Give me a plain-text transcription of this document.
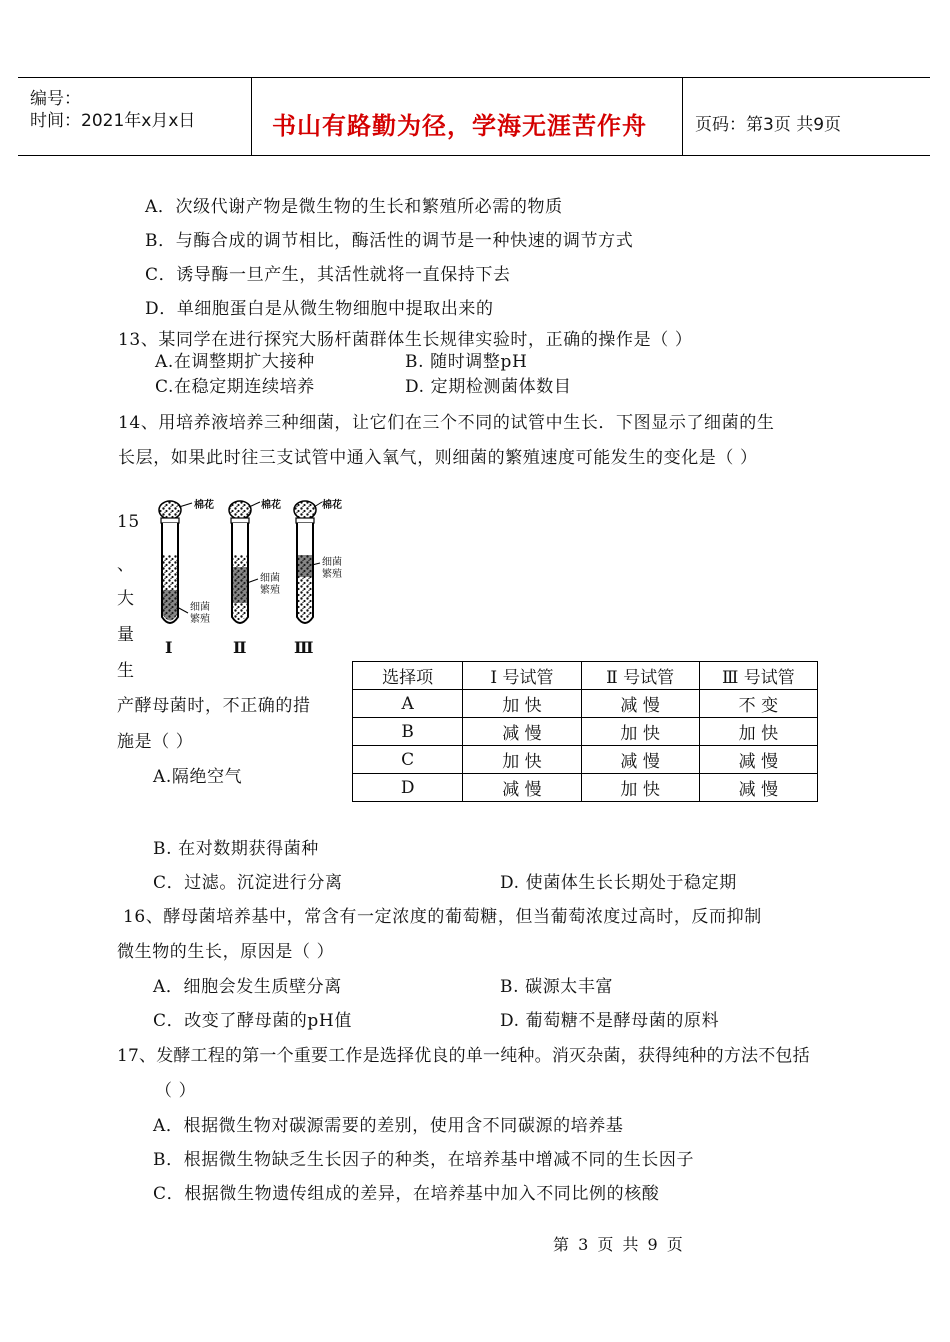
编号：
时间：2021年x月x日	书山有路勤为径，学海无涯苦作舟	页码：第3页 共9页
A．次级代谢产物是微生物的生长和繁殖所必需的物质
B．与酶合成的调节相比，酶活性的调节是一种快速的调节方式
C．诱导酶一旦产生，其活性就将一直保持下去
D．单细胞蛋白是从微生物细胞中提取出来的
13、某同学在进行探究大肠杆菌群体生长规律实验时，正确的操作是（ ）
A.在调整期扩大接种	B. 随时调整pH
C.在稳定期连续培养	D. 定期检测菌体数目
14、用培养液培养三种细菌，让它们在三个不同的试管中生长．下图显示了细菌的生
长层，如果此时往三支试管中通入氧气，则细菌的繁殖速度可能发生的变化是（ ）
棉花	棉花	棉花
细菌
繁殖
细菌
繁殖
细菌
繁殖
Ⅰ	Ⅱ	Ⅲ
选择项	Ⅰ 号试管	Ⅱ 号试管	Ⅲ 号试管
A	加 快	减 慢	不 变
B	减 慢	加 快	加 快
C	加 快	减 慢	减 慢
D	减 慢	加 快	减 慢
15
、
大
量
生
产酵母菌时，不正确的措
施是（ ）
A.隔绝空气
B. 在对数期获得菌种
C．过滤。沉淀进行分离	D. 使菌体生长长期处于稳定期
16、酵母菌培养基中，常含有一定浓度的葡萄糖，但当葡萄浓度过高时，反而抑制
微生物的生长，原因是（ ）
A．细胞会发生质壁分离	B. 碳源太丰富
C．改变了酵母菌的pH值	D. 葡萄糖不是酵母菌的原料
17、发酵工程的第一个重要工作是选择优良的单一纯种。消灭杂菌，获得纯种的方法不包括
（ ）
A．根据微生物对碳源需要的差别，使用含不同碳源的培养基
B．根据微生物缺乏生长因子的种类，在培养基中增减不同的生长因子
C．根据微生物遗传组成的差异，在培养基中加入不同比例的核酸
第 3 页 共 9 页
